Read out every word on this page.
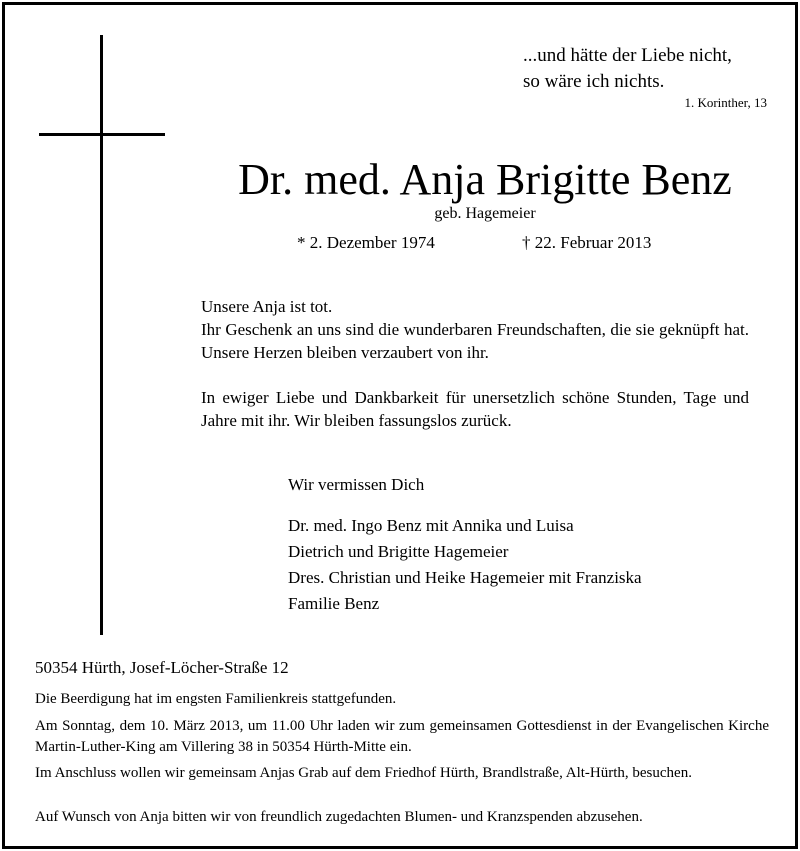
...und hätte der Liebe nicht,
so wäre ich nichts.
1. Korinther, 13
Dr. med. Anja Brigitte Benz
geb. Hagemeier
* 2. Dezember 1974	† 22. Februar 2013
Unsere Anja ist tot.
Ihr Geschenk an uns sind die wunderbaren Freundschaften, die sie geknüpft hat. Unsere Herzen bleiben verzaubert von ihr.
In ewiger Liebe und Dankbarkeit für unersetzlich schöne Stunden, Tage und Jahre mit ihr. Wir bleiben fassungslos zurück.
Wir vermissen Dich
Dr. med. Ingo Benz mit Annika und Luisa
Dietrich und Brigitte Hagemeier
Dres. Christian und Heike Hagemeier mit Franziska
Familie Benz
50354 Hürth, Josef-Löcher-Straße 12
Die Beerdigung hat im engsten Familienkreis stattgefunden.
Am Sonntag, dem 10. März 2013, um 11.00 Uhr laden wir zum gemeinsamen Gottesdienst in der Evangelischen Kirche Martin-Luther-King am Villering 38 in 50354 Hürth-Mitte ein.
Im Anschluss wollen wir gemeinsam Anjas Grab auf dem Friedhof Hürth, Brandlstraße, Alt-Hürth, besuchen.
Auf Wunsch von Anja bitten wir von freundlich zugedachten Blumen- und Kranzspenden abzusehen.
